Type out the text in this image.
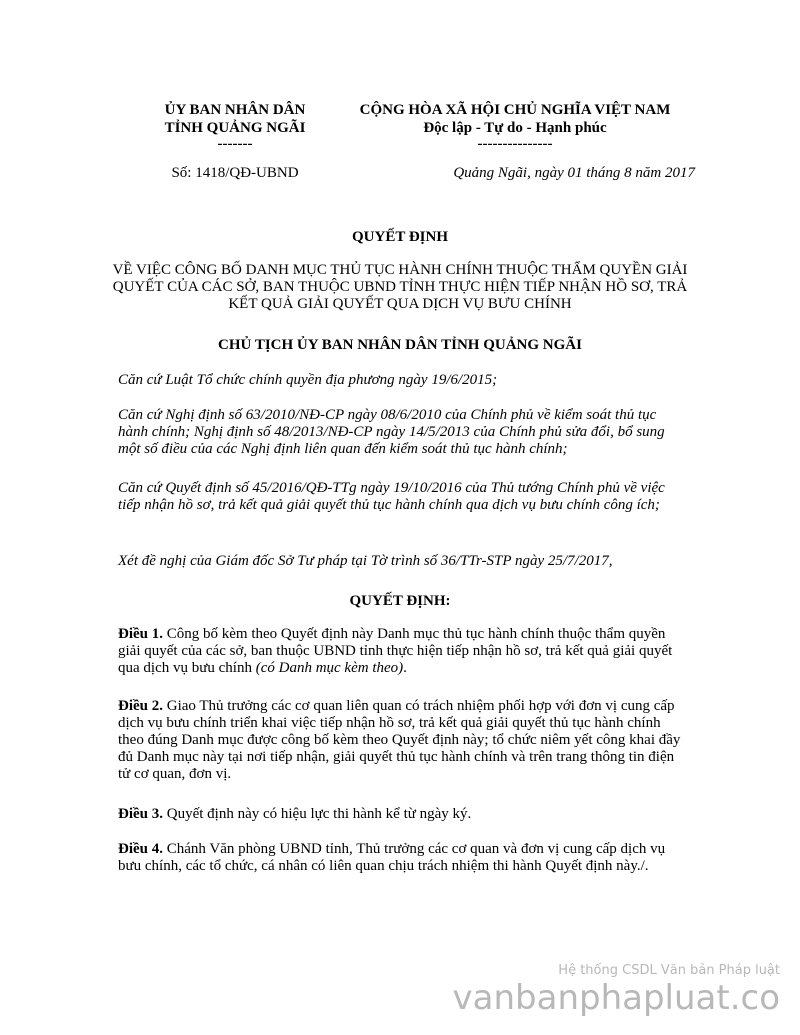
ỦY BAN NHÂN DÂN
TỈNH QUẢNG NGÃI
-------
CỘNG HÒA XÃ HỘI CHỦ NGHĨA VIỆT NAM
Độc lập - Tự do - Hạnh phúc
---------------
Số: 1418/QĐ-UBND	Quảng Ngãi, ngày 01 tháng 8 năm 2017
QUYẾT ĐỊNH
VỀ VIỆC CÔNG BỐ DANH MỤC THỦ TỤC HÀNH CHÍNH THUỘC THẨM QUYỀN GIẢI QUYẾT CỦA CÁC SỞ, BAN THUỘC UBND TỈNH THỰC HIỆN TIẾP NHẬN HỒ SƠ, TRẢ KẾT QUẢ GIẢI QUYẾT QUA DỊCH VỤ BƯU CHÍNH
CHỦ TỊCH ỦY BAN NHÂN DÂN TỈNH QUẢNG NGÃI
Căn cứ Luật Tổ chức chính quyền địa phương ngày 19/6/2015;
Căn cứ Nghị định số 63/2010/NĐ-CP ngày 08/6/2010 của Chính phủ về kiểm soát thủ tục hành chính; Nghị định số 48/2013/NĐ-CP ngày 14/5/2013 của Chính phủ sửa đổi, bổ sung một số điều của các Nghị định liên quan đến kiểm soát thủ tục hành chính;
Căn cứ Quyết định số 45/2016/QĐ-TTg ngày 19/10/2016 của Thủ tướng Chính phủ về việc tiếp nhận hồ sơ, trả kết quả giải quyết thủ tục hành chính qua dịch vụ bưu chính công ích;
Xét đề nghị của Giám đốc Sở Tư pháp tại Tờ trình số 36/TTr-STP ngày 25/7/2017,
QUYẾT ĐỊNH:
Điều 1. Công bố kèm theo Quyết định này Danh mục thủ tục hành chính thuộc thẩm quyền giải quyết của các sở, ban thuộc UBND tỉnh thực hiện tiếp nhận hồ sơ, trả kết quả giải quyết qua dịch vụ bưu chính (có Danh mục kèm theo).
Điều 2. Giao Thủ trưởng các cơ quan liên quan có trách nhiệm phối hợp với đơn vị cung cấp dịch vụ bưu chính triển khai việc tiếp nhận hồ sơ, trả kết quả giải quyết thủ tục hành chính theo đúng Danh mục được công bố kèm theo Quyết định này; tổ chức niêm yết công khai đầy đủ Danh mục này tại nơi tiếp nhận, giải quyết thủ tục hành chính và trên trang thông tin điện tử cơ quan, đơn vị.
Điều 3. Quyết định này có hiệu lực thi hành kể từ ngày ký.
Điều 4. Chánh Văn phòng UBND tỉnh, Thủ trưởng các cơ quan và đơn vị cung cấp dịch vụ bưu chính, các tổ chức, cá nhân có liên quan chịu trách nhiệm thi hành Quyết định này./.
Hệ thống CSDL Văn bản Pháp luật
vanbanphapluat.co
